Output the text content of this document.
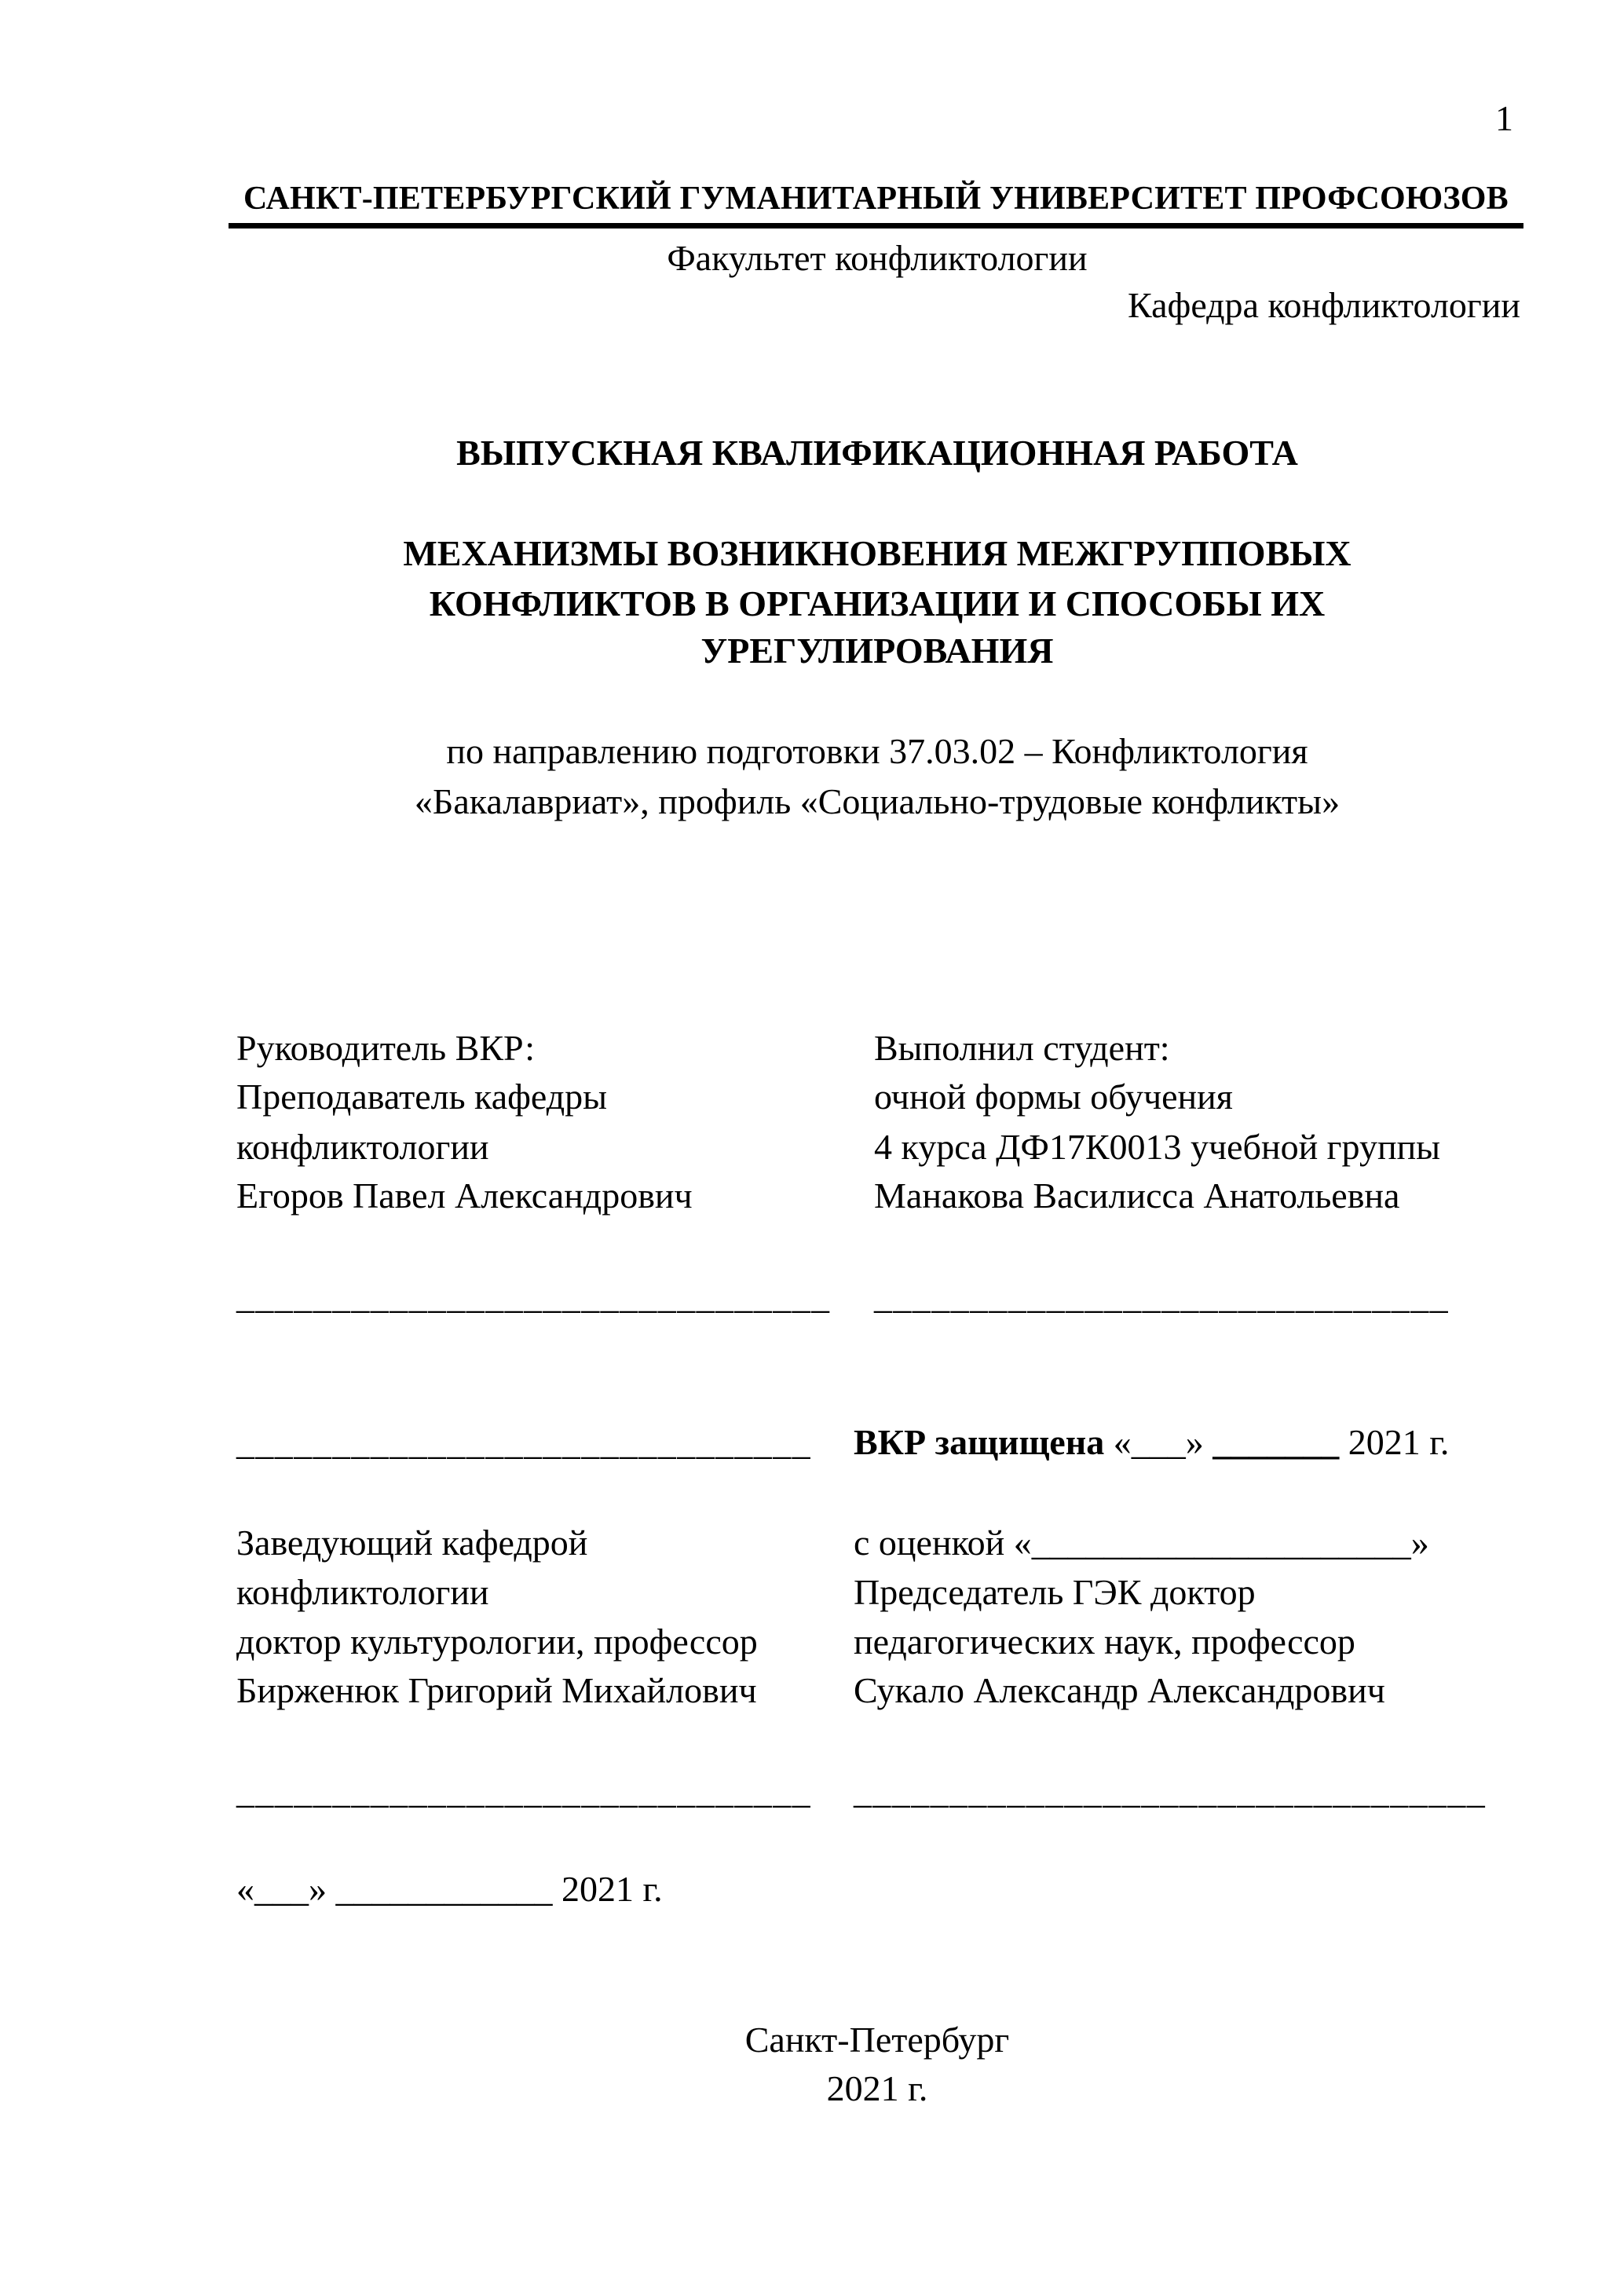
1
САНКТ-ПЕТЕРБУРГСКИЙ ГУМАНИТАРНЫЙ УНИВЕРСИТЕТ ПРОФСОЮЗОВ
Факультет конфликтологии
Кафедра конфликтологии
ВЫПУСКНАЯ КВАЛИФИКАЦИОННАЯ РАБОТА
МЕХАНИЗМЫ ВОЗНИКНОВЕНИЯ МЕЖГРУППОВЫХ
КОНФЛИКТОВ В ОРГАНИЗАЦИИ И СПОСОБЫ ИХ
УРЕГУЛИРОВАНИЯ
по направлению подготовки 37.03.02 – Конфликтология
«Бакалавриат», профиль «Социально-трудовые конфликты»
Руководитель ВКР:
Преподаватель кафедры
конфликтологии
Егоров Павел Александрович
Выполнил студент:
очной формы обучения
4 курса ДФ17К0013 учебной группы
Манакова Василисса Анатольевна
_______________________________ ______________________________
______________________________ ВКР защищена «___» _______ 2021 г.
Заведующий кафедрой
конфликтологии
доктор культурологии, профессор
Бирженюк Григорий Михайлович
с оценкой «_____________________»
Председатель ГЭК доктор
педагогических наук, профессор
Сукало Александр Александрович
______________________________ _________________________________
«___» ____________ 2021 г.
Санкт-Петербург
2021 г.
